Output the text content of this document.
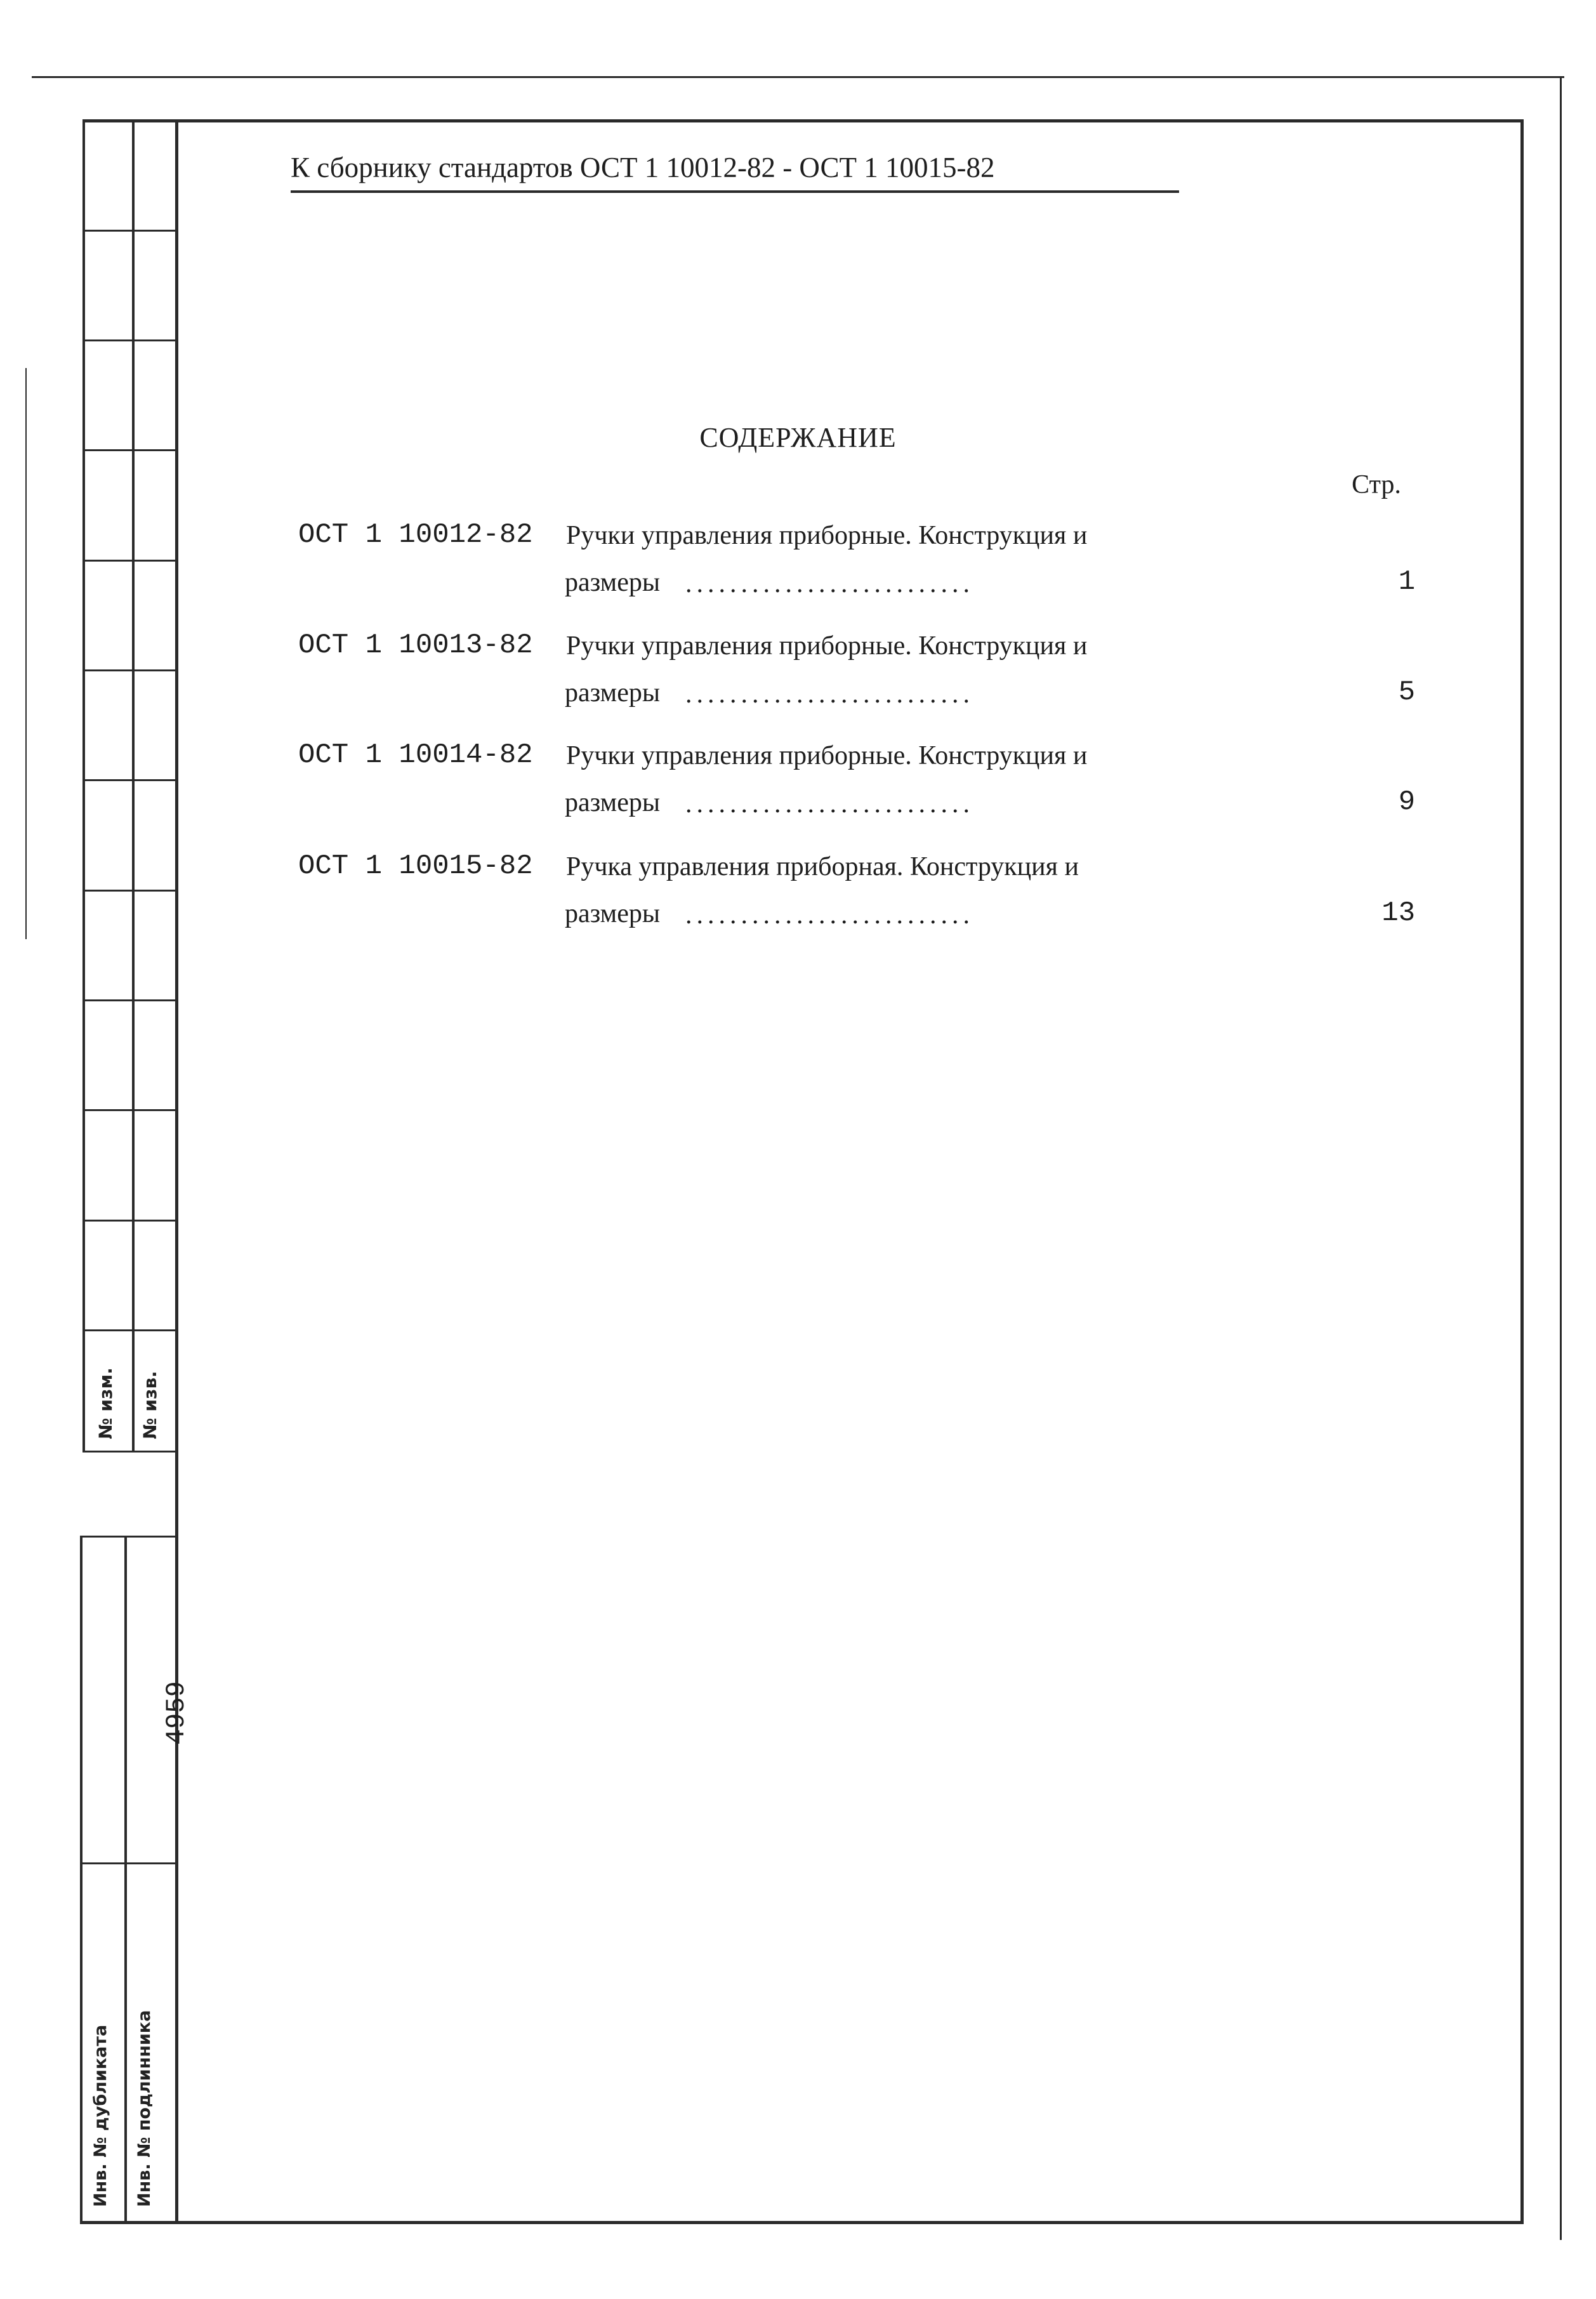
№ изм. № изв.
4959
Инв. № дубликата Инв. № подлинника
К сборнику стандартов ОСТ 1 10012-82 - ОСТ 1 10015-82
СОДЕРЖАНИЕ
Стр.
ОСТ 1 10012-82 Ручки управления приборные. Конструкция и
размеры ..........................	1
ОСТ 1 10013-82 Ручки управления приборные. Конструкция и
размеры ..........................	5
ОСТ 1 10014-82 Ручки управления приборные. Конструкция и
размеры ..........................	9
ОСТ 1 10015-82 Ручка управления приборная. Конструкция и
размеры ..........................	13
